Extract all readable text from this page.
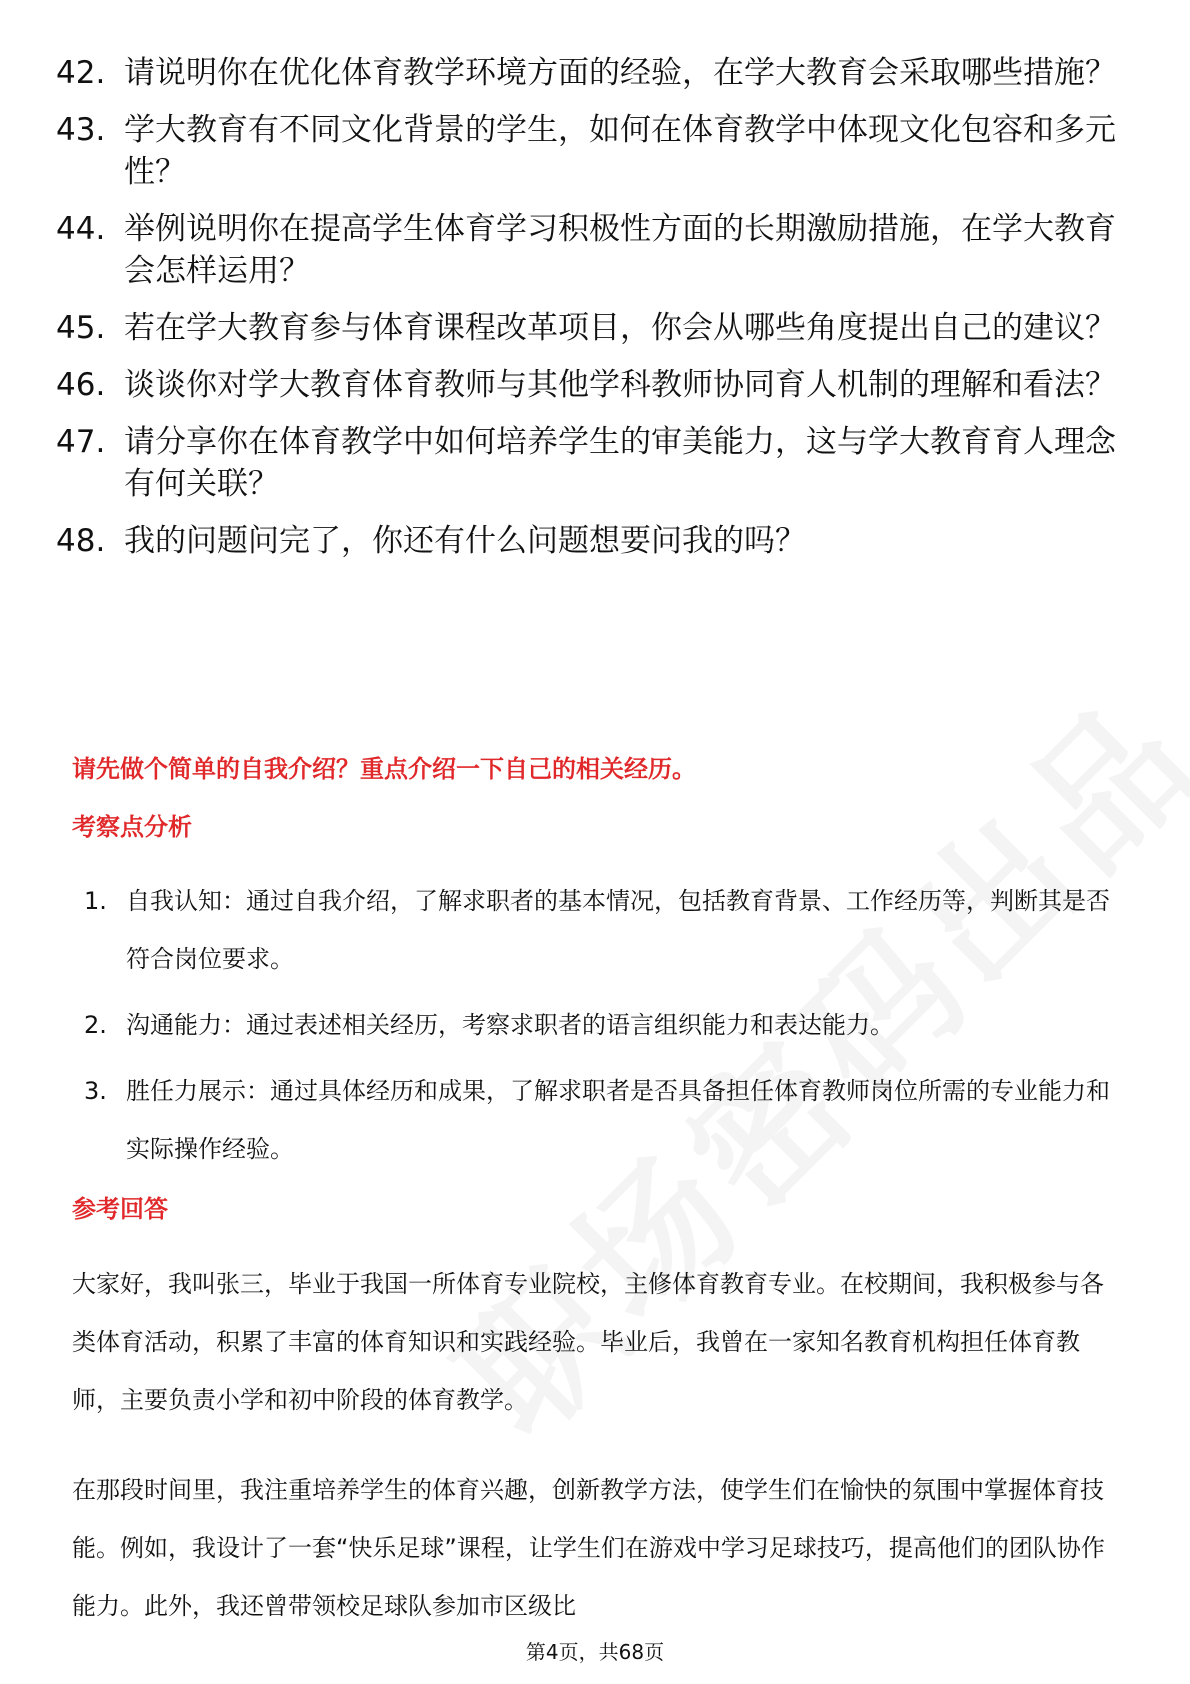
42. 请说明你在优化体育教学环境方面的经验，在学大教育会采取哪些措施？
43. 学大教育有不同文化背景的学生，如何在体育教学中体现文化包容和多元性？
44. 举例说明你在提高学生体育学习积极性方面的长期激励措施，在学大教育会怎样运用？
45. 若在学大教育参与体育课程改革项目，你会从哪些角度提出自己的建议？
46. 谈谈你对学大教育体育教师与其他学科教师协同育人机制的理解和看法？
47. 请分享你在体育教学中如何培养学生的审美能力，这与学大教育育人理念有何关联？
48. 我的问题问完了，你还有什么问题想要问我的吗？
请先做个简单的自我介绍？重点介绍一下自己的相关经历。
考察点分析
1. 自我认知：通过自我介绍，了解求职者的基本情况，包括教育背景、工作经历等，判断其是否符合岗位要求。
2. 沟通能力：通过表述相关经历，考察求职者的语言组织能力和表达能力。
3. 胜任力展示：通过具体经历和成果，了解求职者是否具备担任体育教师岗位所需的专业能力和实际操作经验。
参考回答

大家好，我叫张三，毕业于我国一所体育专业院校，主修体育教育专业。在校期间，我积极参与各类体育活动，积累了丰富的体育知识和实践经验。毕业后，我曾在一家知名教育机构担任体育教师，主要负责小学和初中阶段的体育教学。

在那段时间里，我注重培养学生的体育兴趣，创新教学方法，使学生们在愉快的氛围中掌握体育技能。例如，我设计了一套“快乐足球”课程，让学生们在游戏中学习足球技巧，提高他们的团队协作能力。此外，我还曾带领校足球队参加市区级比

第4页，共68页
